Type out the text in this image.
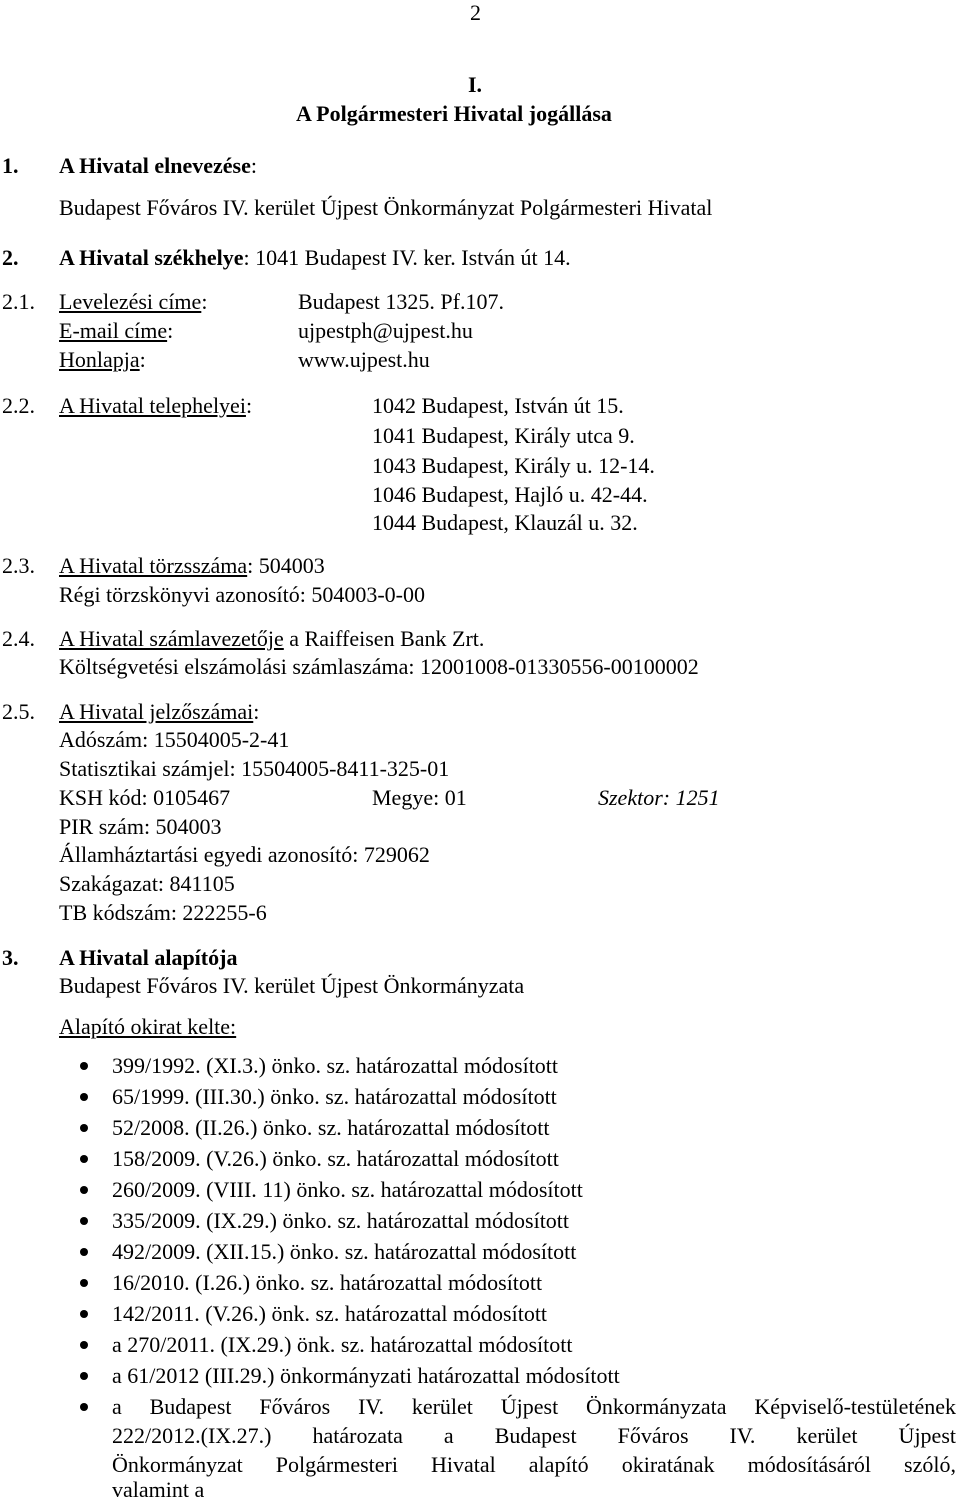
2
I.
A Polgármesteri Hivatal jogállása
1. A Hivatal elnevezése:
Budapest Főváros IV. kerület Újpest Önkormányzat Polgármesteri Hivatal
2. A Hivatal székhelye: 1041 Budapest IV. ker. István út 14.
2.1. Levelezési címe:	Budapest 1325. Pf.107.
E-mail címe:	ujpestph@ujpest.hu
Honlapja:	www.ujpest.hu
2.2. A Hivatal telephelyei:	1042 Budapest, István út 15.
1041 Budapest, Király utca 9.
1043 Budapest, Király u. 12-14.
1046 Budapest, Hajló u. 42-44.
1044 Budapest, Klauzál u. 32.
2.3. A Hivatal törzsszáma: 504003
Régi törzskönyvi azonosító: 504003-0-00
2.4. A Hivatal számlavezetője a Raiffeisen Bank Zrt.
Költségvetési elszámolási számlaszáma: 12001008-01330556-00100002
2.5. A Hivatal jelzőszámai:
Adószám: 15504005-2-41
Statisztikai számjel: 15504005-8411-325-01
KSH kód: 0105467	Megye: 01	Szektor: 1251
PIR szám: 504003
Államháztartási egyedi azonosító: 729062
Szakágazat: 841105
TB kódszám: 222255-6
3. A Hivatal alapítója
Budapest Főváros IV. kerület Újpest Önkormányzata
Alapító okirat kelte:
399/1992. (XI.3.) önko. sz. határozattal módosított
65/1999. (III.30.) önko. sz. határozattal módosított
52/2008. (II.26.) önko. sz. határozattal módosított
158/2009. (V.26.) önko. sz. határozattal módosított
260/2009. (VIII. 11) önko. sz. határozattal módosított
335/2009. (IX.29.) önko. sz. határozattal módosított
492/2009. (XII.15.) önko. sz. határozattal módosított
16/2010. (I.26.) önko. sz. határozattal módosított
142/2011. (V.26.) önk. sz. határozattal módosított
a 270/2011. (IX.29.) önk. sz. határozattal módosított
a 61/2012 (III.29.) önkormányzati határozattal módosított
a Budapest Főváros IV. kerület Újpest Önkormányzata Képviselő-testületének
222/2012.(IX.27.) határozata a Budapest Főváros IV. kerület Újpest
Önkormányzat Polgármesteri Hivatal alapító okiratának módosításáról szóló,
valamint a
